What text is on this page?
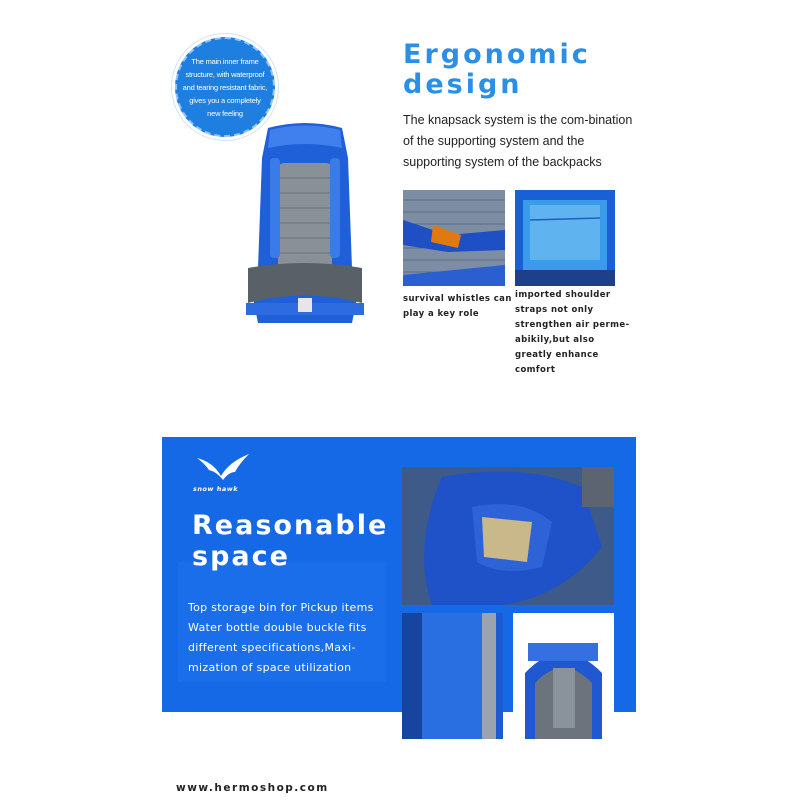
The main inner frame structure, with waterproof and tearing resistant fabric, gives you a completely new feeling
Ergonomic
design
The knapsack system is the com-bination of the supporting system and the supporting system of the backpacks
survival whistles can play a key role
imported shoulder straps not only strengthen air perme-abikily,but also greatly enhance comfort
snow hawk
Reasonable
space
Top storage bin for Pickup items Water bottle double buckle fits different specifications,Maxi-mization of space utilization
www.hermoshop.com
